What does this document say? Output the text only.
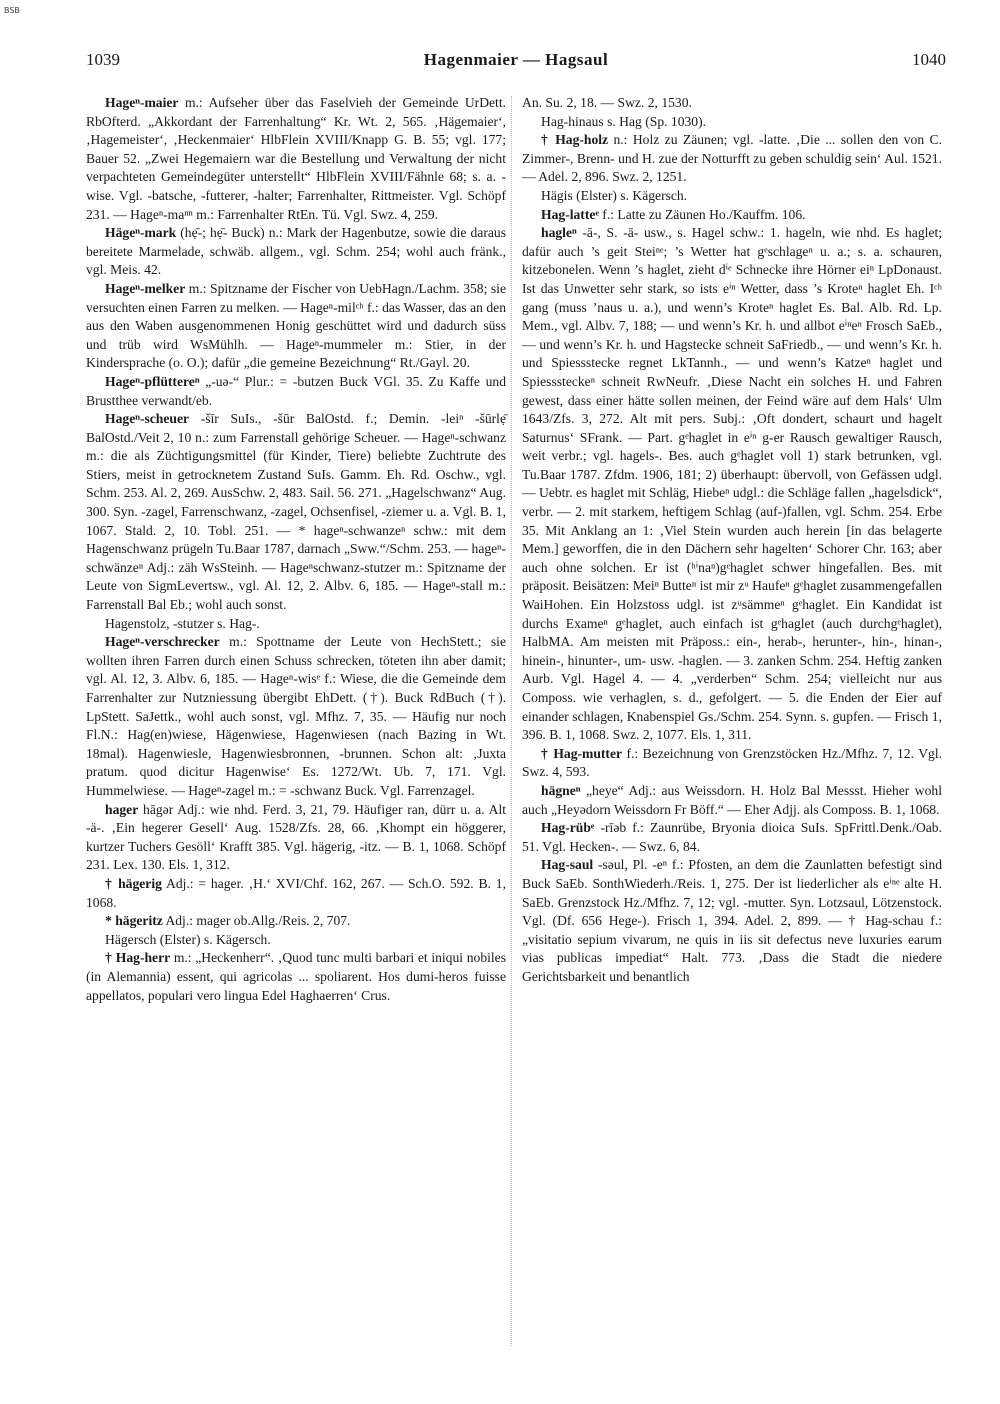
BSB
1039	Hagenmaier — Hagsaul	1040

Hageⁿ-maier m.: Aufseher über das Faselvieh der Gemeinde UrDett. RbOfterd. „Akkordant der Farrenhaltung“ Kr. Wt. 2, 565. ‚Hägemaier‘,‚Hagemeister‘, ‚Heckenmaier‘ HlbFlein XVIII/Knapp G. B. 55; vgl. 177; Bauer 52. „Zwei Hegemaiern war die Bestellung und Verwaltung der nicht verpachteten Gemeindegüter unterstellt“ HlbFlein XVIII/Fähnle 68; s. a. -wise. Vgl. -batsche, -futterer, -halter; Farrenhalter, Rittmeister. Vgl. Schöpf 231. — Hageⁿ-maⁿⁿ m.: Farrenhalter RtEn. Tü. Vgl. Swz. 4, 259.

Hägeⁿ-mark (hẹ̄-; hẹ̄- Buck) n.: Mark der Hagenbutze, sowie die daraus bereitete Marmelade, schwäb. allgem., vgl. Schm. 254; wohl auch fränk., vgl. Meis. 42.

Hageⁿ-melker m.: Spitzname der Fischer von UebHagn./Lachm. 358; sie versuchten einen Farren zu melken. — Hageⁿ-milᶜʰ f.: das Wasser, das an den aus den Waben ausgenommenen Honig geschüttet wird und dadurch süss und trüb wird WsMühlh. — Hageⁿ-mummeler m.: Stier, in der Kindersprache (o. O.); dafür „die gemeine Bezeichnung“ Rt./Gayl. 20.

Hageⁿ-pflüttereⁿ „-uə-“ Plur.: = -butzen Buck VGl. 35. Zu Kaffe und Brustthee verwandt/eb.

Hageⁿ-scheuer -šīr SuIs., -šūr BalOstd. f.; Demin. -leiⁿ -šūrlẹ̄ BalOstd./Veit 2, 10 n.: zum Farrenstall gehörige Scheuer. — Hageⁿ-schwanz m.: die als Züchtigungsmittel (für Kinder, Tiere) beliebte Zuchtrute des Stiers, meist in getrocknetem Zustand SuIs. Gamm. Eh. Rd. Oschw., vgl. Schm. 253. Al. 2, 269. AusSchw. 2, 483. Sail. 56. 271. „Hagelschwanz“ Aug. 300. Syn. -zagel, Farrenschwanz, -zagel, Ochsenfisel, -ziemer u. a. Vgl. B. 1, 1067. Stald. 2, 10. Tobl. 251. — * hageⁿ-schwanzeⁿ schw.: mit dem Hagenschwanz prügeln Tu.Baar 1787, darnach „Sww.“/Schm. 253. — hageⁿ-schwänzeⁿ Adj.: zäh WsSteinh. — Hageⁿschwanz-stutzer m.: Spitzname der Leute von SigmLevertsw., vgl. Al. 12, 2. Albv. 6, 185. — Hageⁿ-stall m.: Farrenstall Bal Eb.; wohl auch sonst.

Hagenstolz, -stutzer s. Hag-.

Hageⁿ-verschrecker m.: Spottname der Leute von HechStett.; sie wollten ihren Farren durch einen Schuss schrecken, töteten ihn aber damit; vgl. Al. 12, 3. Albv. 6, 185. — Hageⁿ-wisᵉ f.: Wiese, die die Gemeinde dem Farrenhalter zur Nutzniessung übergibt EhDett. (†). Buck RdBuch (†). LpStett. SaJettk., wohl auch sonst, vgl. Mfhz. 7, 35. — Häufig nur noch Fl.N.: Hag(en)wiese, Hägenwiese, Hagenwiesen (nach Bazing in Wt. 18mal). Hagenwiesle, Hagenwiesbronnen, -brunnen. Schon alt: ‚Juxta pratum. quod dicitur Hagenwise‘ Es. 1272/Wt. Ub. 7, 171. Vgl. Hummelwiese. — Hageⁿ-zagel m.: = -schwanz Buck. Vgl. Farrenzagel.

hager hāgər Adj.: wie nhd. Ferd. 3, 21, 79. Häufiger ran, dürr u. a. Alt -ä-. ‚Ein hegerer Gesell‘ Aug. 1528/Zfs. 28, 66. ‚Khompt ein höggerer, kurtzer Tuchers Gesöll‘ Krafft 385. Vgl. hägerig, -itz. — B. 1, 1068. Schöpf 231. Lex. 130. Els. 1, 312.

† hägerig Adj.: = hager. ‚H.‘ XVI/Chf. 162, 267. — Sch.O. 592. B. 1, 1068.

* hägeritz Adj.: mager ob.Allg./Reis. 2, 707.

Hägersch (Elster) s. Kägersch.

† Hag-herr m.: „Heckenherr“. ‚Quod tunc multi barbari et iniqui nobiles (in Alemannia) essent, qui agricolas ... spoliarent. Hos dumi-heros fuisse appellatos, populari vero lingua Edel Haghaerren‘ Crus.

An. Su. 2, 18. — Swz. 2, 1530.

Hag-hinaus s. Hag (Sp. 1030).

† Hag-holz n.: Holz zu Zäunen; vgl. -latte. ‚Die ... sollen den von C. Zimmer-, Brenn- und H. zue der Notturfft zu geben schuldig sein‘ Aul. 1521. — Adel. 2, 896. Swz. 2, 1251.

Hägis (Elster) s. Kägersch.

Hag-latteᵉ f.: Latte zu Zäunen Ho./Kauffm. 106.

hagleⁿ -ā-, S. -ā- usw., s. Hagel schw.: 1. hageln, wie nhd. Es haglet; dafür auch ’s geit Steiⁿᵉ; ’s Wetter hat gᵉschlageⁿ u. a.; s. a. schauren, kitzebonelen. Wenn ’s haglet, zieht dⁱᵉ Schnecke ihre Hörner eiⁿ LpDonaust. Ist das Unwetter sehr stark, so ists eⁱⁿ Wetter, dass ’s Kroteⁿ haglet Eh. Iᶜʰ gang (muss ’naus u. a.), und wenn’s Kroteⁿ haglet Es. Bal. Alb. Rd. Lp. Mem., vgl. Albv. 7, 188; — und wenn’s Kr. h. und allbot eⁱⁿeⁿ Frosch SaEb., — und wenn’s Kr. h. und Hagstecke schneit SaFriedb., — und wenn’s Kr. h. und Spiessstecke regnet LkTannh., — und wenn’s Katzeⁿ haglet und Spiesssteckeⁿ schneit RwNeufr. ‚Diese Nacht ein solches H. und Fahren gewest, dass einer hätte sollen meinen, der Feind wäre auf dem Hals‘ Ulm 1643/Zfs. 3, 272. Alt mit pers. Subj.: ‚Oft dondert, schaurt und hagelt Saturnus‘ SFrank. — Part. gᵉhaglet in eⁱⁿ g-er Rausch gewaltiger Rausch, weit verbr.; vgl. hagels-. Bes. auch gᵉhaglet voll 1) stark betrunken, vgl. Tu.Baar 1787. Zfdm. 1906, 181; 2) überhaupt: übervoll, von Gefässen udgl. — Uebtr. es haglet mit Schläg, Hiebeⁿ udgl.: die Schläge fallen „hagelsdick“, verbr. — 2. mit starkem, heftigem Schlag (auf-)fallen, vgl. Schm. 254. Erbe 35. Mit Anklang an 1: ‚Viel Stein wurden auch herein [in das belagerte Mem.] geworffen, die in den Dächern sehr hagelten‘ Schorer Chr. 163; aber auch ohne solchen. Er ist (ʰⁱnaⁿ)gᵉhaglet schwer hingefallen. Bes. mit präposit. Beisätzen: Meiⁿ Butteⁿ ist mir zᵘ Haufeⁿ gᵉhaglet zusammengefallen WaiHohen. Ein Holzstoss udgl. ist zᵘsämmeⁿ gᵉhaglet. Ein Kandidat ist durchs Exameⁿ gᵉhaglet, auch einfach ist gᵉhaglet (auch durchgᵉhaglet), HalbMA. Am meisten mit Präposs.: ein-, herab-, herunter-, hin-, hinan-, hinein-, hinunter-, um- usw. -haglen. — 3. zanken Schm. 254. Heftig zanken Aurb. Vgl. Hagel 4. — 4. „verderben“ Schm. 254; vielleicht nur aus Composs. wie verhaglen, s. d., gefolgert. — 5. die Enden der Eier auf einander schlagen, Knabenspiel Gs./Schm. 254. Synn. s. gupfen. — Frisch 1, 396. B. 1, 1068. Swz. 2, 1077. Els. 1, 311.

† Hag-mutter f.: Bezeichnung von Grenzstöcken Hz./Mfhz. 7, 12. Vgl. Swz. 4, 593.

hägneⁿ „heye“ Adj.: aus Weissdorn. H. Holz Bal Messst. Hieher wohl auch „Heyədorn Weissdorn Fr Böff.“ — Eher Adjj. als Composs. B. 1, 1068.

Hag-rübᵉ -rīəb f.: Zaunrübe, Bryonia dioica SuIs. SpFrittl.Denk./Oab. 51. Vgl. Hecken-. — Swz. 6, 84.

Hag-saul -səul, Pl. -eⁿ f.: Pfosten, an dem die Zaunlatten befestigt sind Buck SaEb. SonthWiederh./Reis. 1, 275. Der ist liederlicher als eⁱⁿᵉ alte H. SaEb. Grenzstock Hz./Mfhz. 7, 12; vgl. -mutter. Syn. Lotzsaul, Lötzenstock. Vgl. (Df. 656 Hege-). Frisch 1, 394. Adel. 2, 899. — † Hag-schau f.: „visitatio sepium vivarum, ne quis in iis sit defectus neve luxuries earum vias publicas impediat“ Halt. 773. ‚Dass die Stadt die niedere Gerichtsbarkeit und benantlich
